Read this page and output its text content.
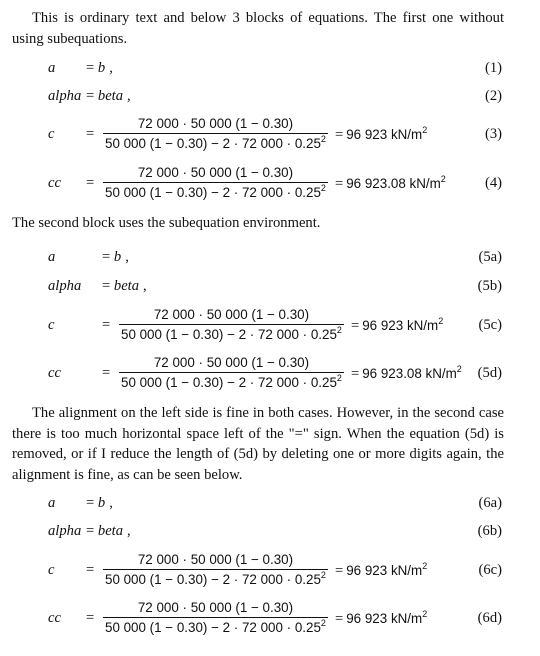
This is ordinary text and below 3 blocks of equations. The first one without using subequations.

a = b ,	(1)
alpha = beta ,	(2)
c =
72 000 · 50 000 (1 − 0.30)
50 000 (1 − 0.30) − 2 · 72 $000 \cdot 0.25^2 = 96$ 923 $kN/m^2$	(3)
cc =
72 000 · 50 000 (1 − 0.30)
50 000 (1 − 0.30) − 2 · 72 $000 \cdot 0.25^2 = 96$ 923.08 $kN/m^2$	(4)

The second block uses the subequation environment.

a	= b ,	(5a)
alpha = beta ,	(5b)
c	=
72 000 · 50 000 (1 − 0.30)
50 000 (1 − 0.30) − 2 · 72 $000 \cdot 0.25^2 = 96$ 923 $kN/m^2$ (5c)
cc	=
72 000 · 50 000 (1 − 0.30)
50 000 (1 − 0.30) − 2 · 72 $000 \cdot 0.25^2 = 96$ 923.08 $kN/m^2$ (5d)

The alignment on the left side is fine in both cases. However, in the second case there is too much horizontal space left of the "=" sign. When the equation (5d) is removed, or if I reduce the length of (5d) by deleting one or more digits again, the alignment is fine, as can be seen below.

a = b ,	(6a)
alpha = beta ,	(6b)
c =
72 000 · 50 000 (1 − 0.30)
50 000 (1 − 0.30) − 2 · 72 $000 \cdot 0.25^2 = 96$ 923 $kN/m^2$	(6c)
cc =
72 000 · 50 000 (1 − 0.30)
50 000 (1 − 0.30) − 2 · 72 $000 \cdot 0.25^2 = 96$ 923 $kN/m^2$	(6d)
